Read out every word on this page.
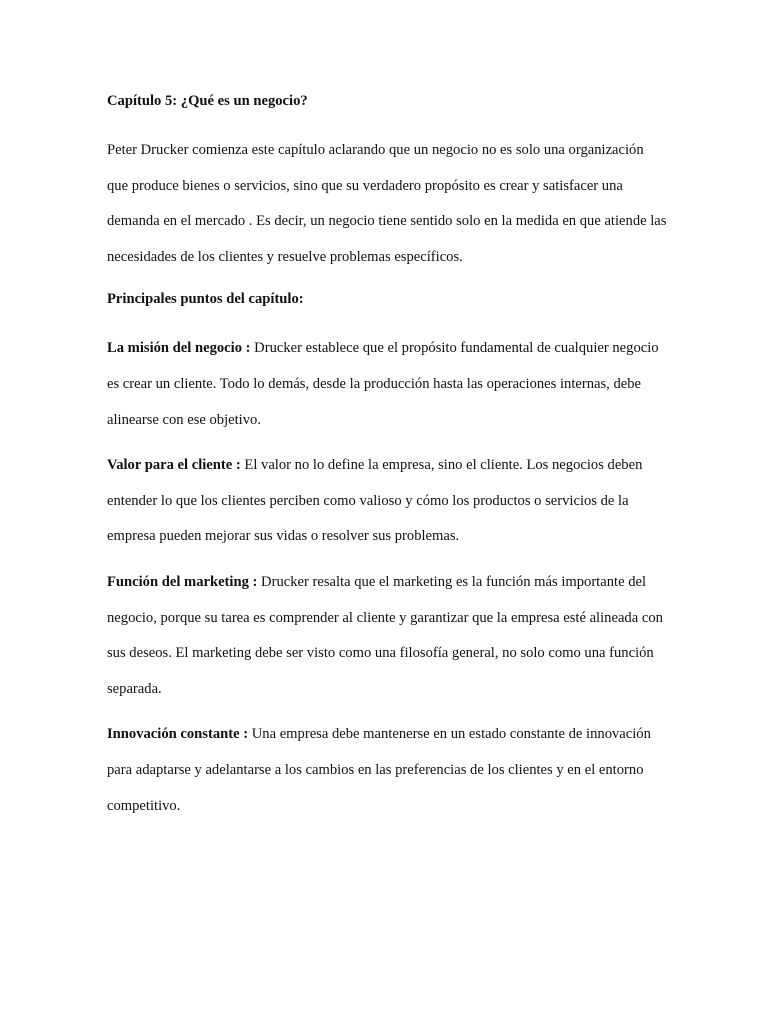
Capítulo 5: ¿Qué es un negocio?

Peter Drucker comienza este capítulo aclarando que un negocio no es solo una organización que produce bienes o servicios, sino que su verdadero propósito es crear y satisfacer una demanda en el mercado . Es decir, un negocio tiene sentido solo en la medida en que atiende las necesidades de los clientes y resuelve problemas específicos.

Principales puntos del capítulo:

La misión del negocio : Drucker establece que el propósito fundamental de cualquier negocio es crear un cliente. Todo lo demás, desde la producción hasta las operaciones internas, debe alinearse con ese objetivo.

Valor para el cliente : El valor no lo define la empresa, sino el cliente. Los negocios deben entender lo que los clientes perciben como valioso y cómo los productos o servicios de la empresa pueden mejorar sus vidas o resolver sus problemas.

Función del marketing : Drucker resalta que el marketing es la función más importante del negocio, porque su tarea es comprender al cliente y garantizar que la empresa esté alineada con sus deseos. El marketing debe ser visto como una filosofía general, no solo como una función separada.

Innovación constante : Una empresa debe mantenerse en un estado constante de innovación para adaptarse y adelantarse a los cambios en las preferencias de los clientes y en el entorno competitivo.
